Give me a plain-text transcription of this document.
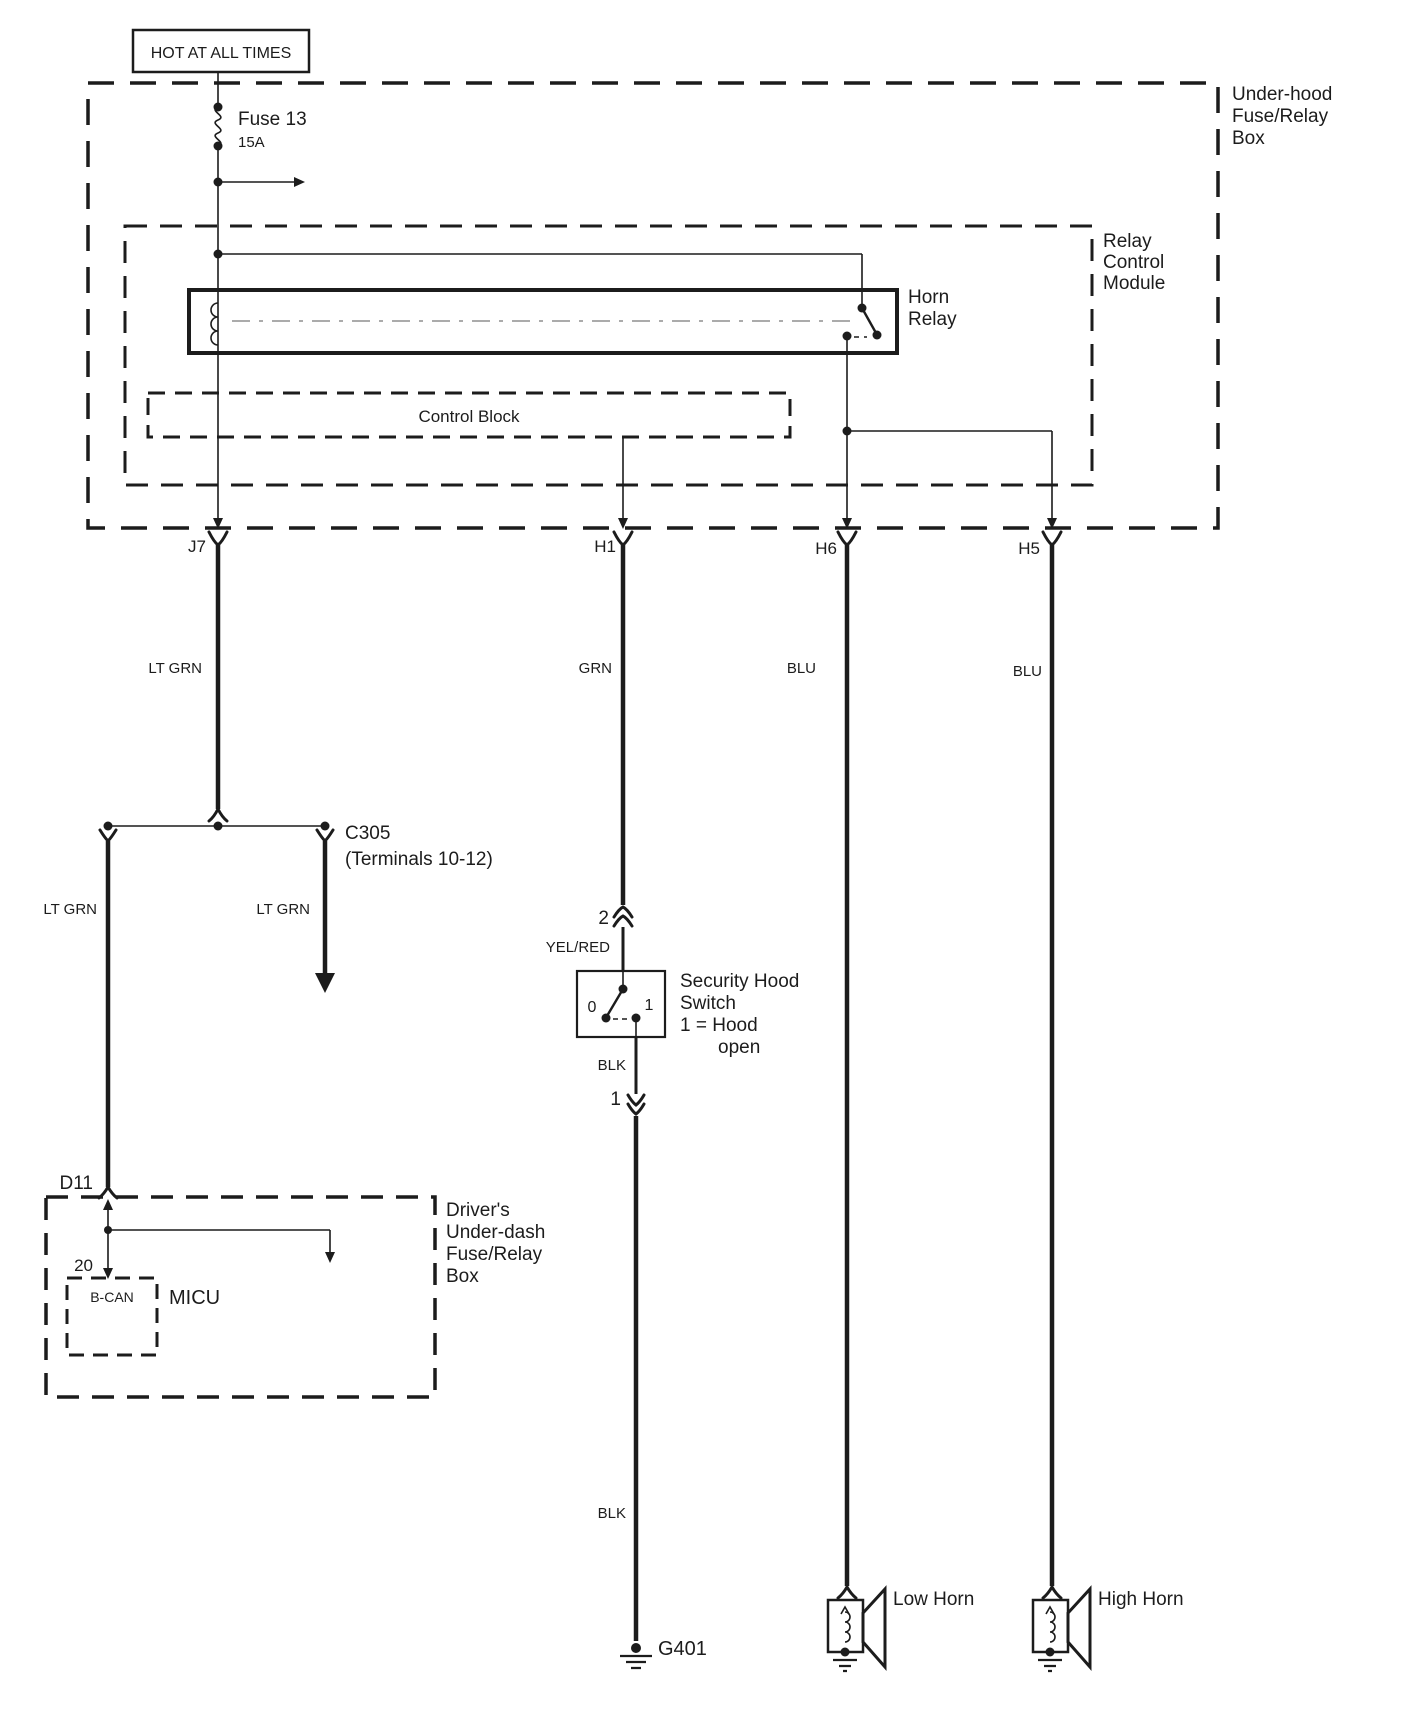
Under-hood
Fuse/Relay
Box
Relay
Control
Module
HOT AT ALL TIMES
Fuse 13
15A
Horn
Relay
Control Block
J7	H1	H6	H5
LT GRN
C305
(Terminals 10-12)
LT GRN	LT GRN
D11
Driver's
Under-dash
Fuse/Relay
Box
20
B-CAN MICU
GRN
2
YEL/RED
0	1
Security Hood
Switch
1 = Hood
open
BLK
1
BLK
G401
BLU
Low Horn
BLU
High Horn
